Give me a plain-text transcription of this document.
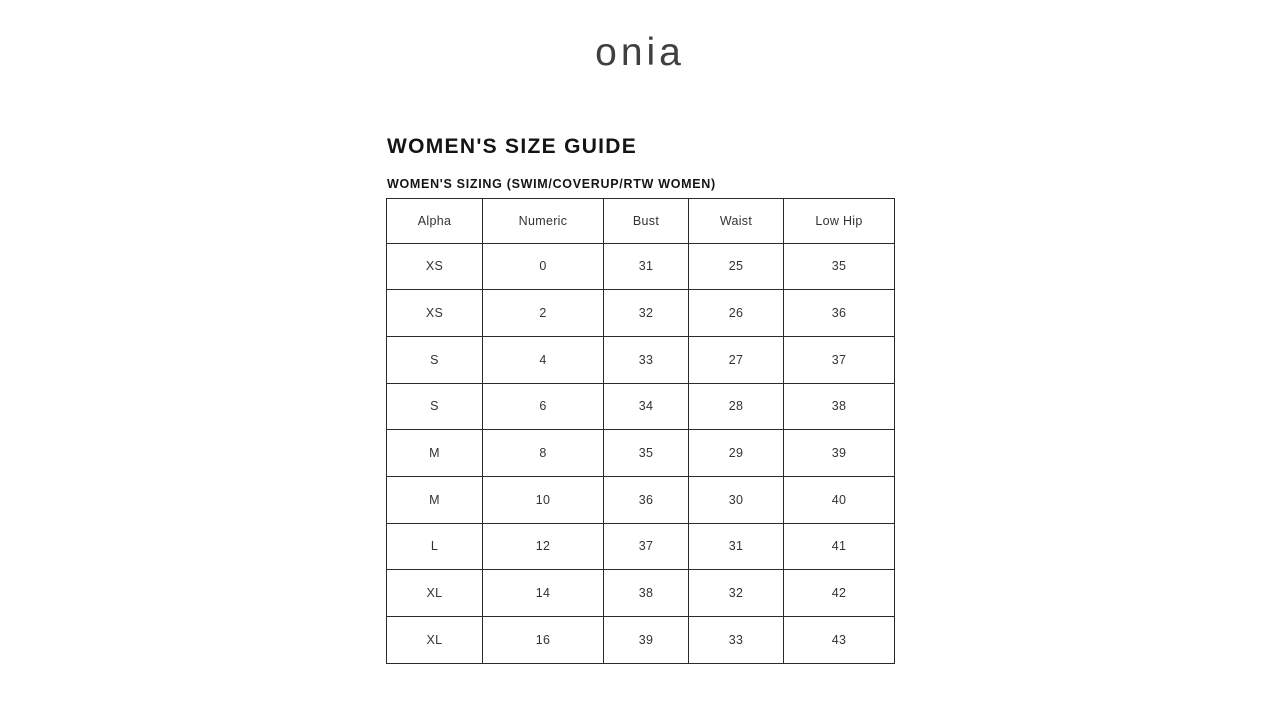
onia
WOMEN'S SIZE GUIDE
WOMEN'S SIZING (SWIM/COVERUP/RTW WOMEN)
Alpha	Numeric	Bust	Waist	Low Hip
XS	0	31	25	35
XS	2	32	26	36
S	4	33	27	37
S	6	34	28	38
M	8	35	29	39
M	10	36	30	40
L	12	37	31	41
XL	14	38	32	42
XL	16	39	33	43
